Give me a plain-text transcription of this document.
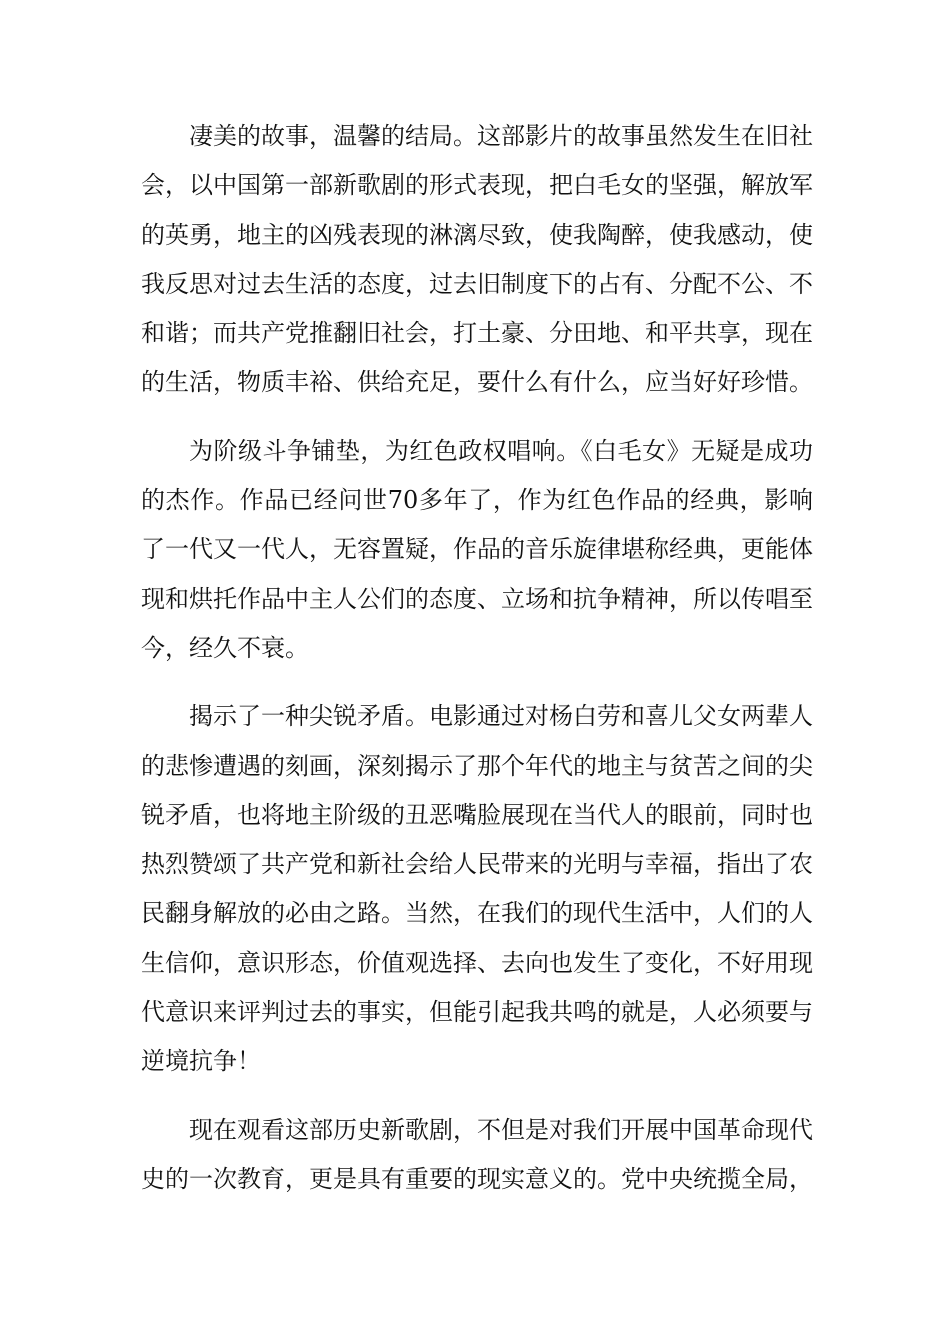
凄美的故事，温馨的结局。这部影片的故事虽然发生在旧社会，以中国第一部新歌剧的形式表现，把白毛女的坚强，解放军的英勇，地主的凶残表现的淋漓尽致，使我陶醉，使我感动，使我反思对过去生活的态度，过去旧制度下的占有、分配不公、不和谐；而共产党推翻旧社会，打土豪、分田地、和平共享，现在的生活，物质丰裕、供给充足，要什么有什么，应当好好珍惜。

为阶级斗争铺垫，为红色政权唱响。《白毛女》无疑是成功的杰作。作品已经问世70多年了，作为红色作品的经典，影响了一代又一代人，无容置疑，作品的音乐旋律堪称经典，更能体现和烘托作品中主人公们的态度、立场和抗争精神，所以传唱至今，经久不衰。

揭示了一种尖锐矛盾。电影通过对杨白劳和喜儿父女两辈人的悲惨遭遇的刻画，深刻揭示了那个年代的地主与贫苦之间的尖锐矛盾，也将地主阶级的丑恶嘴脸展现在当代人的眼前，同时也热烈赞颂了共产党和新社会给人民带来的光明与幸福，指出了农民翻身解放的必由之路。当然，在我们的现代生活中，人们的人生信仰，意识形态，价值观选择、去向也发生了变化，不好用现代意识来评判过去的事实，但能引起我共鸣的就是，人必须要与逆境抗争！

现在观看这部历史新歌剧，不但是对我们开展中国革命现代史的一次教育，更是具有重要的现实意义的。党中央统揽全局，
